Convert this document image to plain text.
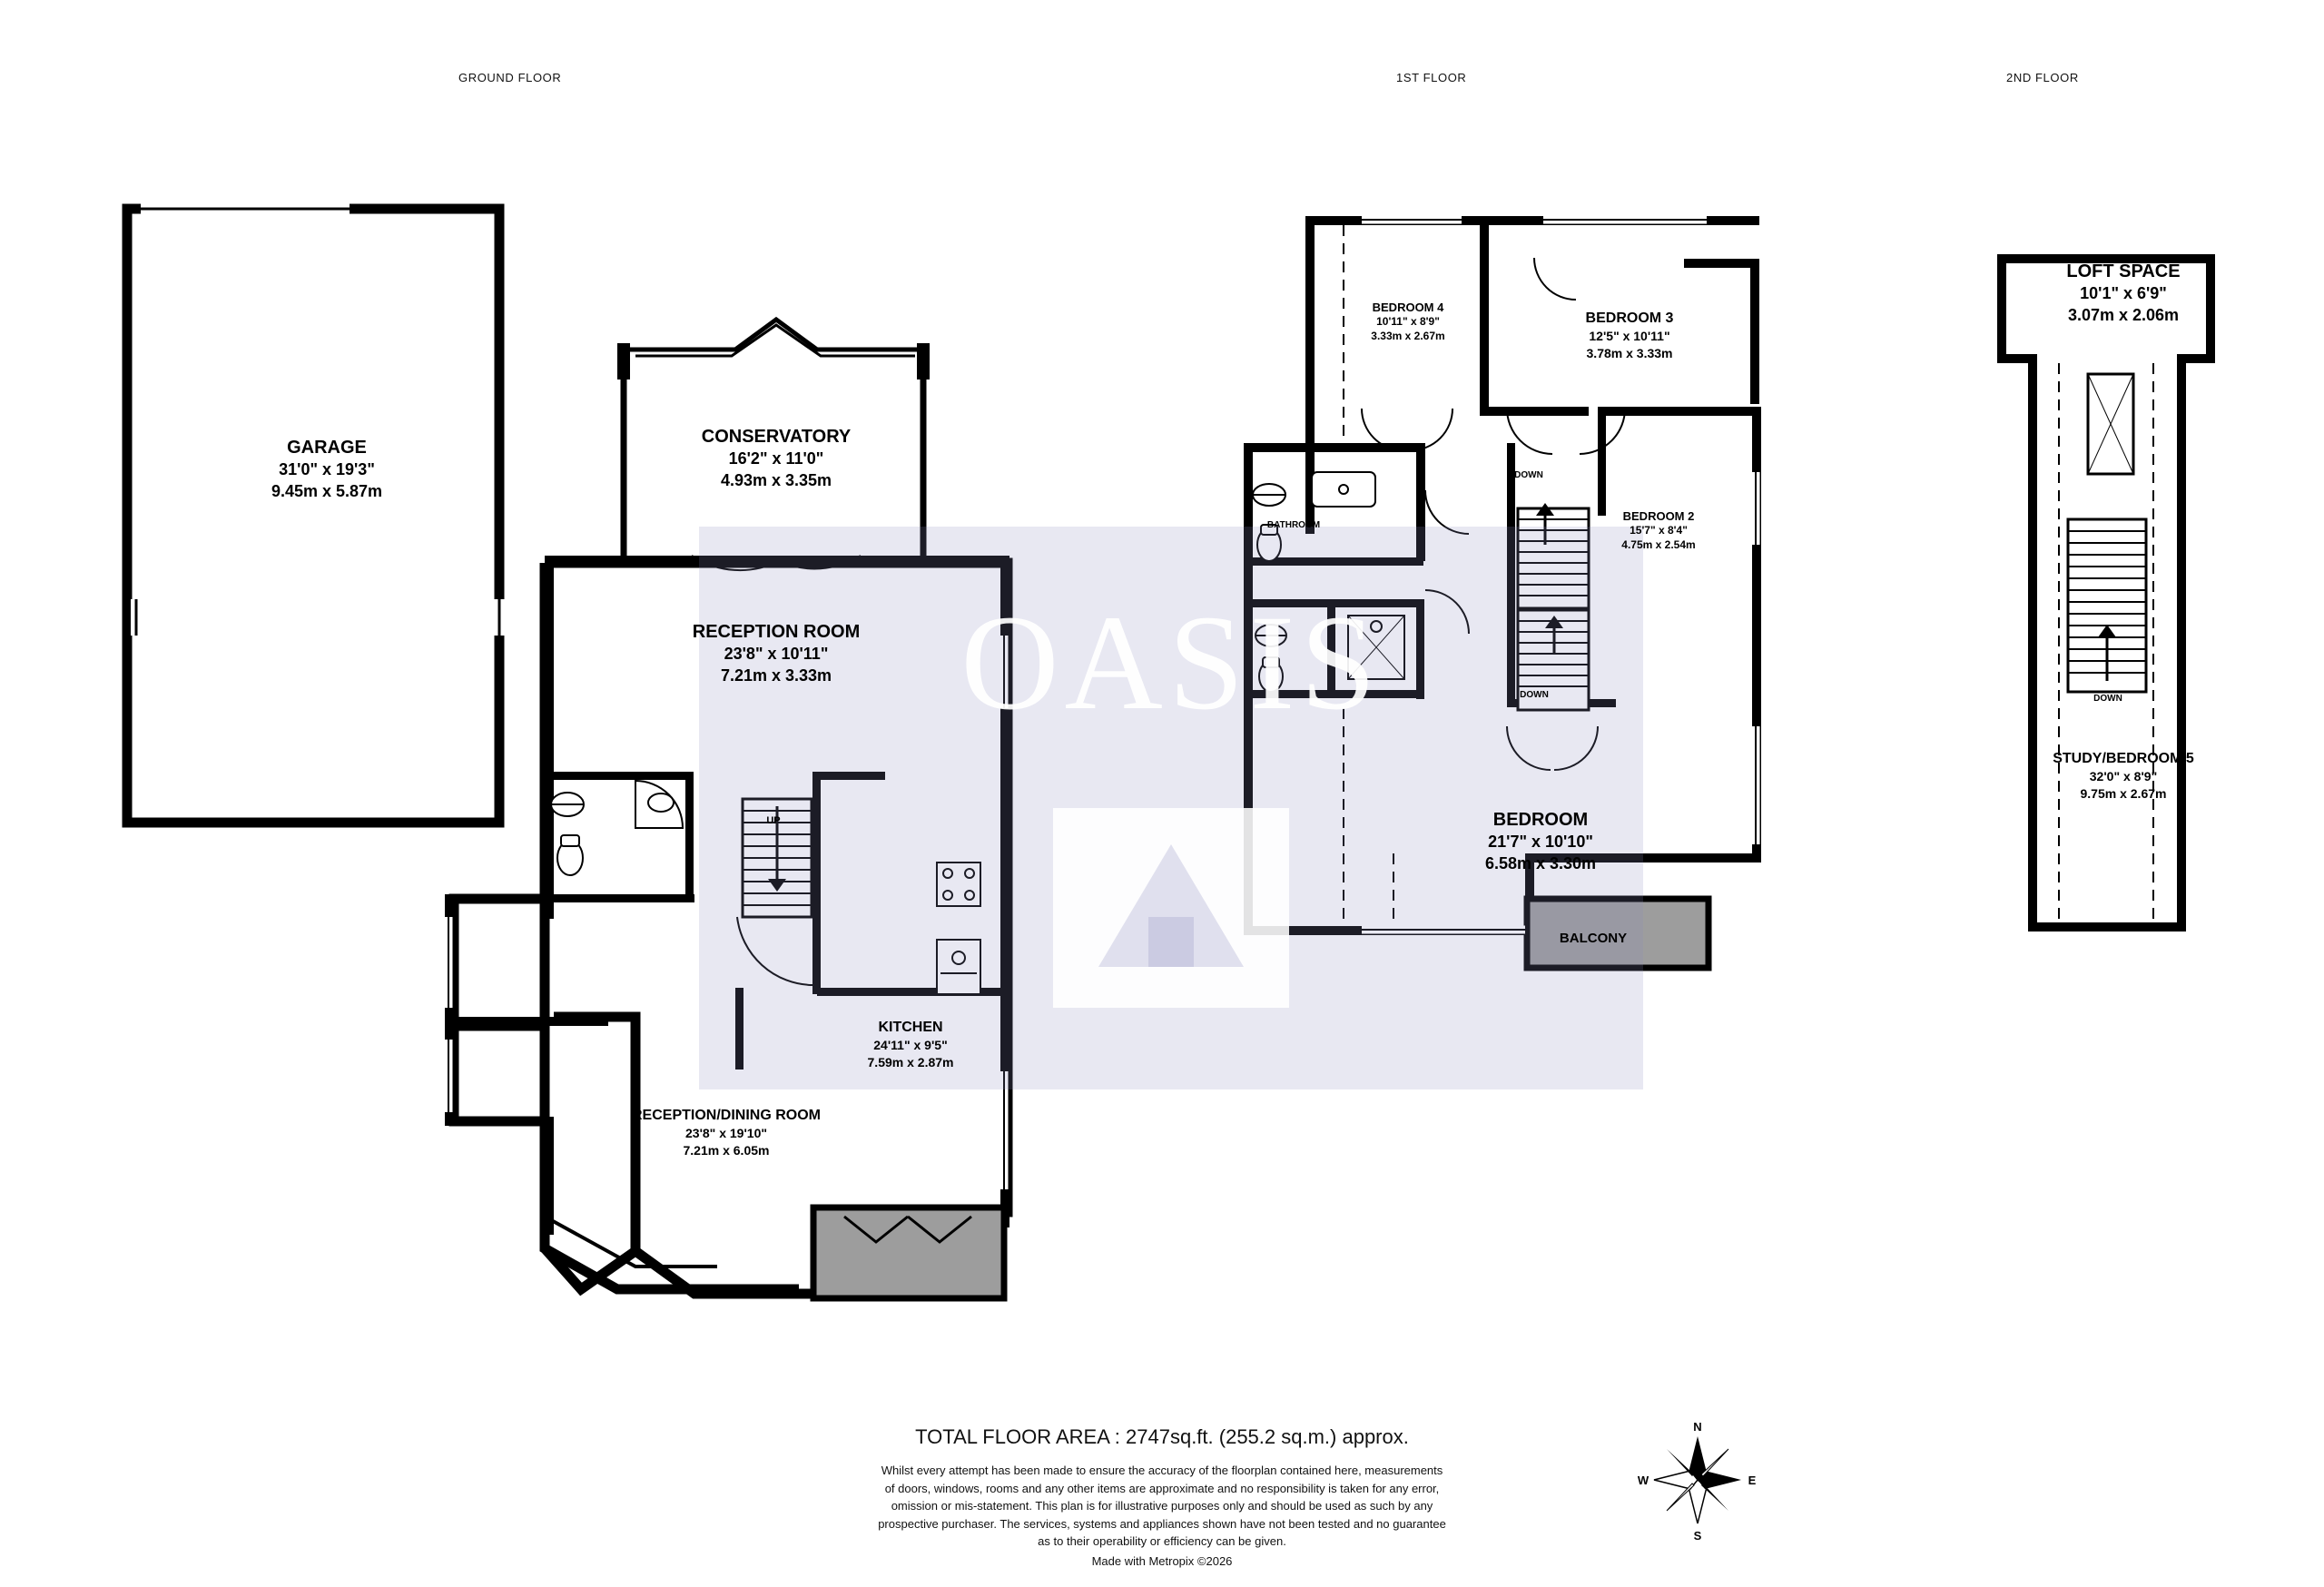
GROUND FLOOR	1ST FLOOR	2ND FLOOR
OASIS
GARAGE
31'0" x 19'3"
9.45m x 5.87m
CONSERVATORY
16'2" x 11'0"
4.93m x 3.35m
RECEPTION ROOM
23'8" x 10'11"
7.21m x 3.33m
KITCHEN
24'11" x 9'5"
7.59m x 2.87m
RECEPTION/DINING ROOM
23'8" x 19'10"
7.21m x 6.05m
BEDROOM 4
10'11" x 8'9"
3.33m x 2.67m
BEDROOM 3
12'5" x 10'11"
3.78m x 3.33m
BEDROOM 2
15'7" x 8'4"
4.75m x 2.54m
BEDROOM
21'7" x 10'10"
6.58m x 3.30m
LOFT SPACE
10'1" x 6'9"
3.07m x 2.06m
STUDY/BEDROOM 5
32'0" x 8'9"
9.75m x 2.67m
BATHROOM
BALCONY
UP
DOWN
DOWN	DOWN
TOTAL FLOOR AREA : 2747sq.ft. (255.2 sq.m.) approx.
Whilst every attempt has been made to ensure the accuracy of the floorplan contained here, measurements
of doors, windows, rooms and any other items are approximate and no responsibility is taken for any error,
omission or mis-statement. This plan is for illustrative purposes only and should be used as such by any
prospective purchaser. The services, systems and appliances shown have not been tested and no guarantee
as to their operability or efficiency can be given.
Made with Metropix ©2026
N
E
S
W
